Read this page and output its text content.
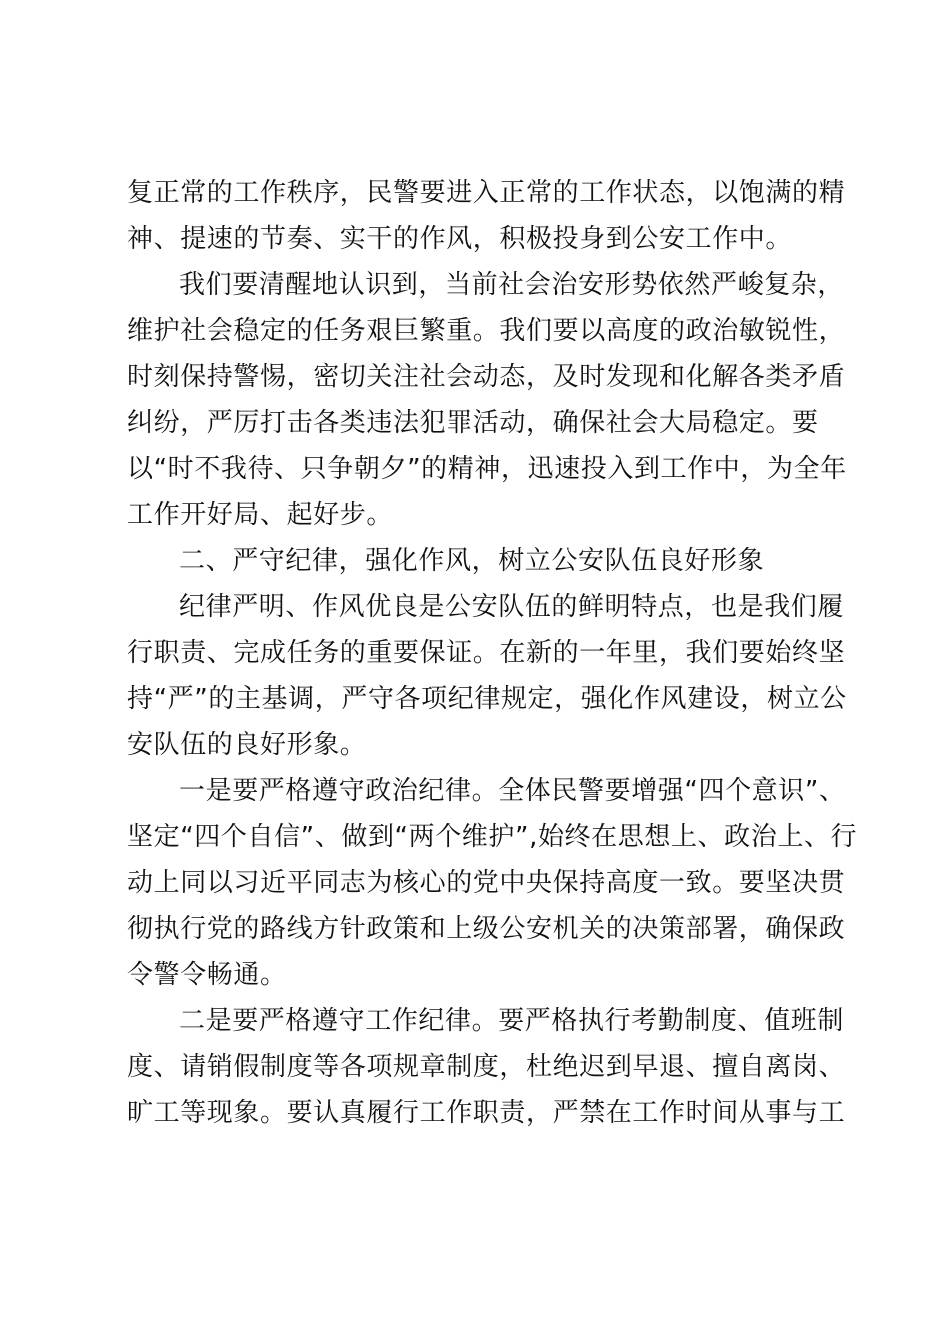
复正常的工作秩序，民警要进入正常的工作状态，以饱满的精
神、提速的节奏、实干的作风，积极投身到公安工作中。
我们要清醒地认识到，当前社会治安形势依然严峻复杂，
维护社会稳定的任务艰巨繁重。我们要以高度的政治敏锐性，
时刻保持警惕，密切关注社会动态，及时发现和化解各类矛盾
纠纷，严厉打击各类违法犯罪活动，确保社会大局稳定。要
以“时不我待、只争朝夕”的精神，迅速投入到工作中，为全年
工作开好局、起好步。
二、严守纪律，强化作风，树立公安队伍良好形象
纪律严明、作风优良是公安队伍的鲜明特点，也是我们履
行职责、完成任务的重要保证。在新的一年里，我们要始终坚
持“严”的主基调，严守各项纪律规定，强化作风建设，树立公
安队伍的良好形象。
一是要严格遵守政治纪律。全体民警要增强“四个意识”、
坚定“四个自信”、做到“两个维护”,始终在思想上、政治上、行
动上同以习近平同志为核心的党中央保持高度一致。要坚决贯
彻执行党的路线方针政策和上级公安机关的决策部署，确保政
令警令畅通。
二是要严格遵守工作纪律。要严格执行考勤制度、值班制
度、请销假制度等各项规章制度，杜绝迟到早退、擅自离岗、
旷工等现象。要认真履行工作职责，严禁在工作时间从事与工
